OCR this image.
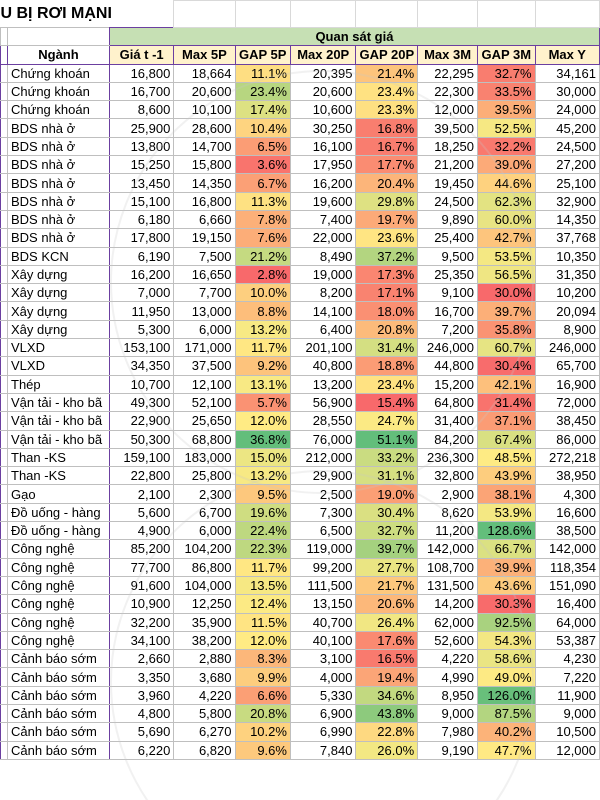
U BỊ RƠI MẠNI									
		Quan sát giá							
	Ngành	Giá t -1	Max 5P	GAP 5P	Max 20P	GAP 20P	Max 3M	GAP 3M	Max Y
	Chứng khoán	16,800	18,664	11.1%	20,395	21.4%	22,295	32.7%	34,161
	Chứng khoán	16,700	20,600	23.4%	20,600	23.4%	22,300	33.5%	30,000
	Chứng khoán	8,600	10,100	17.4%	10,600	23.3%	12,000	39.5%	24,000
	BDS nhà ở	25,900	28,600	10.4%	30,250	16.8%	39,500	52.5%	45,200
	BDS nhà ở	13,800	14,700	6.5%	16,100	16.7%	18,250	32.2%	24,500
	BDS nhà ở	15,250	15,800	3.6%	17,950	17.7%	21,200	39.0%	27,200
	BDS nhà ở	13,450	14,350	6.7%	16,200	20.4%	19,450	44.6%	25,100
	BDS nhà ở	15,100	16,800	11.3%	19,600	29.8%	24,500	62.3%	32,900
	BDS nhà ở	6,180	6,660	7.8%	7,400	19.7%	9,890	60.0%	14,350
	BDS nhà ở	17,800	19,150	7.6%	22,000	23.6%	25,400	42.7%	37,768
	BDS KCN	6,190	7,500	21.2%	8,490	37.2%	9,500	53.5%	10,350
	Xây dựng	16,200	16,650	2.8%	19,000	17.3%	25,350	56.5%	31,350
	Xây dựng	7,000	7,700	10.0%	8,200	17.1%	9,100	30.0%	10,200
	Xây dựng	11,950	13,000	8.8%	14,100	18.0%	16,700	39.7%	20,094
	Xây dựng	5,300	6,000	13.2%	6,400	20.8%	7,200	35.8%	8,900
	VLXD	153,100	171,000	11.7%	201,100	31.4%	246,000	60.7%	246,000
	VLXD	34,350	37,500	9.2%	40,800	18.8%	44,800	30.4%	65,700
	Thép	10,700	12,100	13.1%	13,200	23.4%	15,200	42.1%	16,900
	Vận tải - kho bã	49,300	52,100	5.7%	56,900	15.4%	64,800	31.4%	72,000
	Vận tải - kho bã	22,900	25,650	12.0%	28,550	24.7%	31,400	37.1%	38,450
	Vận tải - kho bã	50,300	68,800	36.8%	76,000	51.1%	84,200	67.4%	86,000
	Than -KS	159,100	183,000	15.0%	212,000	33.2%	236,300	48.5%	272,218
	Than -KS	22,800	25,800	13.2%	29,900	31.1%	32,800	43.9%	38,950
	Gạo	2,100	2,300	9.5%	2,500	19.0%	2,900	38.1%	4,300
	Đồ uống - hàng	5,600	6,700	19.6%	7,300	30.4%	8,620	53.9%	16,600
	Đồ uống - hàng	4,900	6,000	22.4%	6,500	32.7%	11,200	128.6%	38,500
	Công nghệ	85,200	104,200	22.3%	119,000	39.7%	142,000	66.7%	142,000
	Công nghệ	77,700	86,800	11.7%	99,200	27.7%	108,700	39.9%	118,354
	Công nghệ	91,600	104,000	13.5%	111,500	21.7%	131,500	43.6%	151,090
	Công nghệ	10,900	12,250	12.4%	13,150	20.6%	14,200	30.3%	16,400
	Công nghệ	32,200	35,900	11.5%	40,700	26.4%	62,000	92.5%	64,000
	Công nghệ	34,100	38,200	12.0%	40,100	17.6%	52,600	54.3%	53,387
	Cảnh báo sớm	2,660	2,880	8.3%	3,100	16.5%	4,220	58.6%	4,230
	Cảnh báo sớm	3,350	3,680	9.9%	4,000	19.4%	4,990	49.0%	7,220
	Cảnh báo sớm	3,960	4,220	6.6%	5,330	34.6%	8,950	126.0%	11,900
	Cảnh báo sớm	4,800	5,800	20.8%	6,900	43.8%	9,000	87.5%	9,000
	Cảnh báo sớm	5,690	6,270	10.2%	6,990	22.8%	7,980	40.2%	10,500
	Cảnh báo sớm	6,220	6,820	9.6%	7,840	26.0%	9,190	47.7%	12,000
